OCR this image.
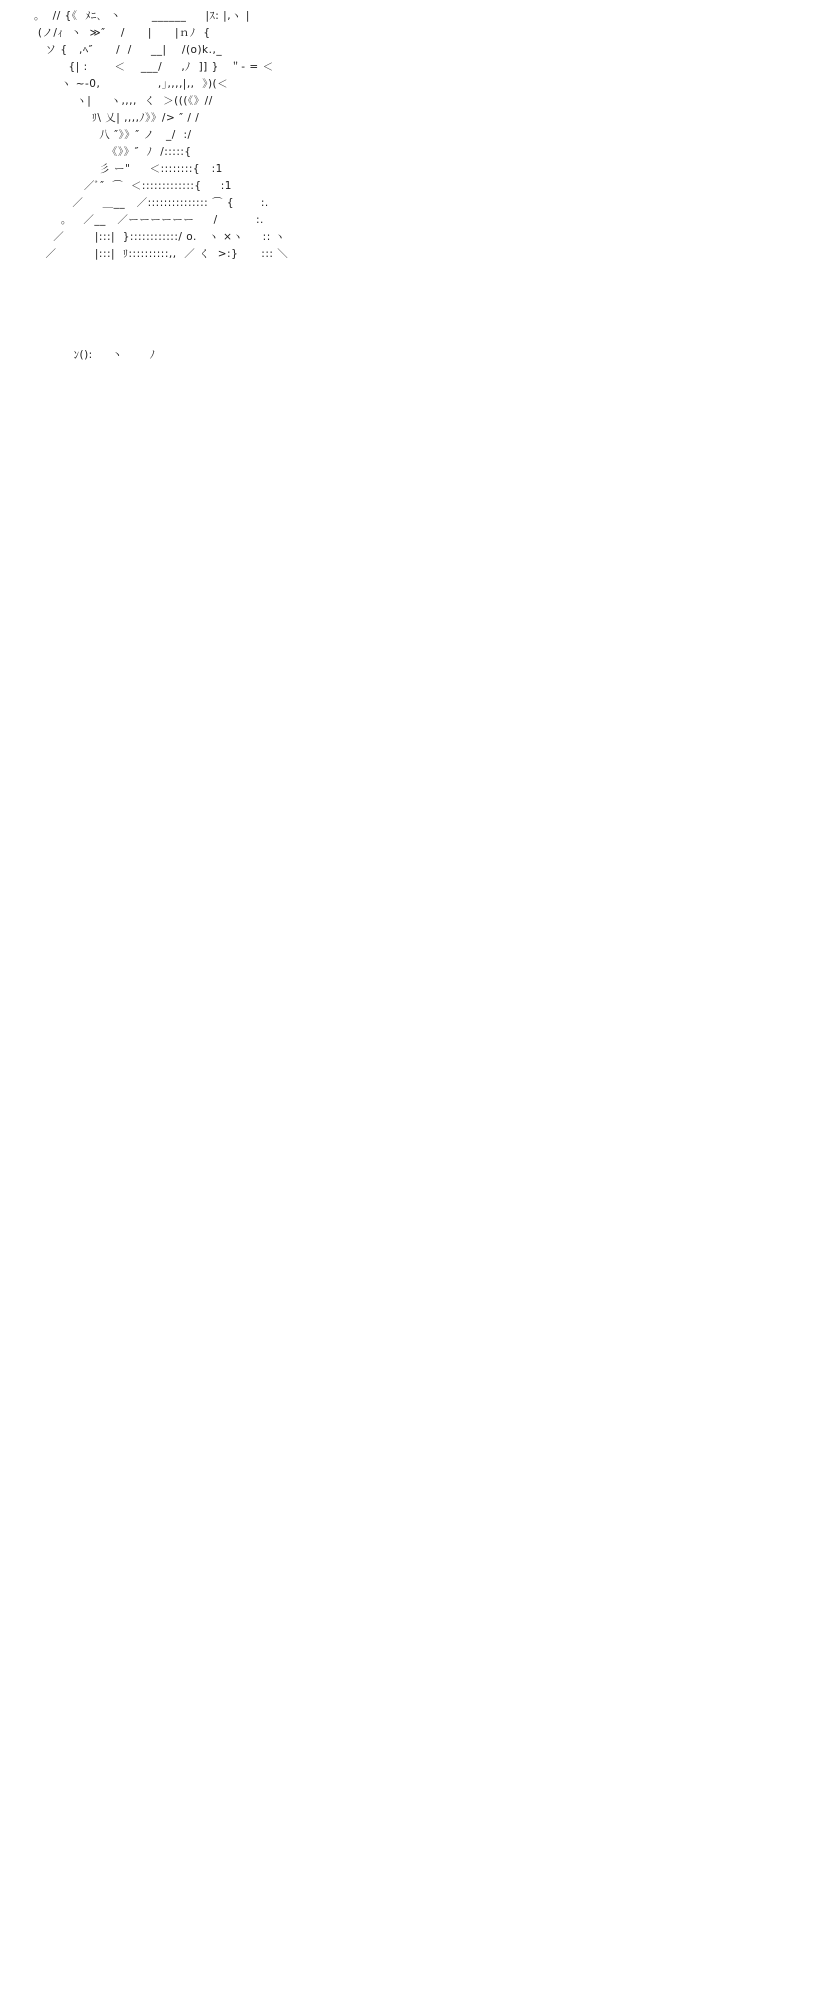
。  // {《  ﾒﾆ､  丶        ______     |ｽ: |,ヽ |
(ノ/ｨ  丶  ≫″    /      |      |ｎﾉ  {
ソ {   ,ﾍ″      /  /     __|    /(o)k.,_
{| :       ＜    ___/     ,ﾉ  ]] }   ＂- = ＜
ヽ ~-0,               ,｣,,,,|,,  》)(＜
ヽ|     ヽ,,,,  く  ＞(((《》//
ﾘ\ 乂| ,,,,ﾉ》》/> ″ / /
八 ″》》″ ノ   _/  :/
《》》″  ﾉ  /:::::{
彡 ー"     ＜::::::::{   :1
／ﾞ″  ⌒  ＜:::::::::::::{     :1
／     ＿__   ／::::::::::::::: ⌒ {       :.
。   ／__   ／ーーーーーー     /          :.
／        |:::|  }::::::::::::/ o.   ヽ ×ヽ     :: ヽ
／          |:::|  ﾘ::::::::::,,  ／ く  >:}      ::: ＼
ﾝ():     丶       ﾉ
